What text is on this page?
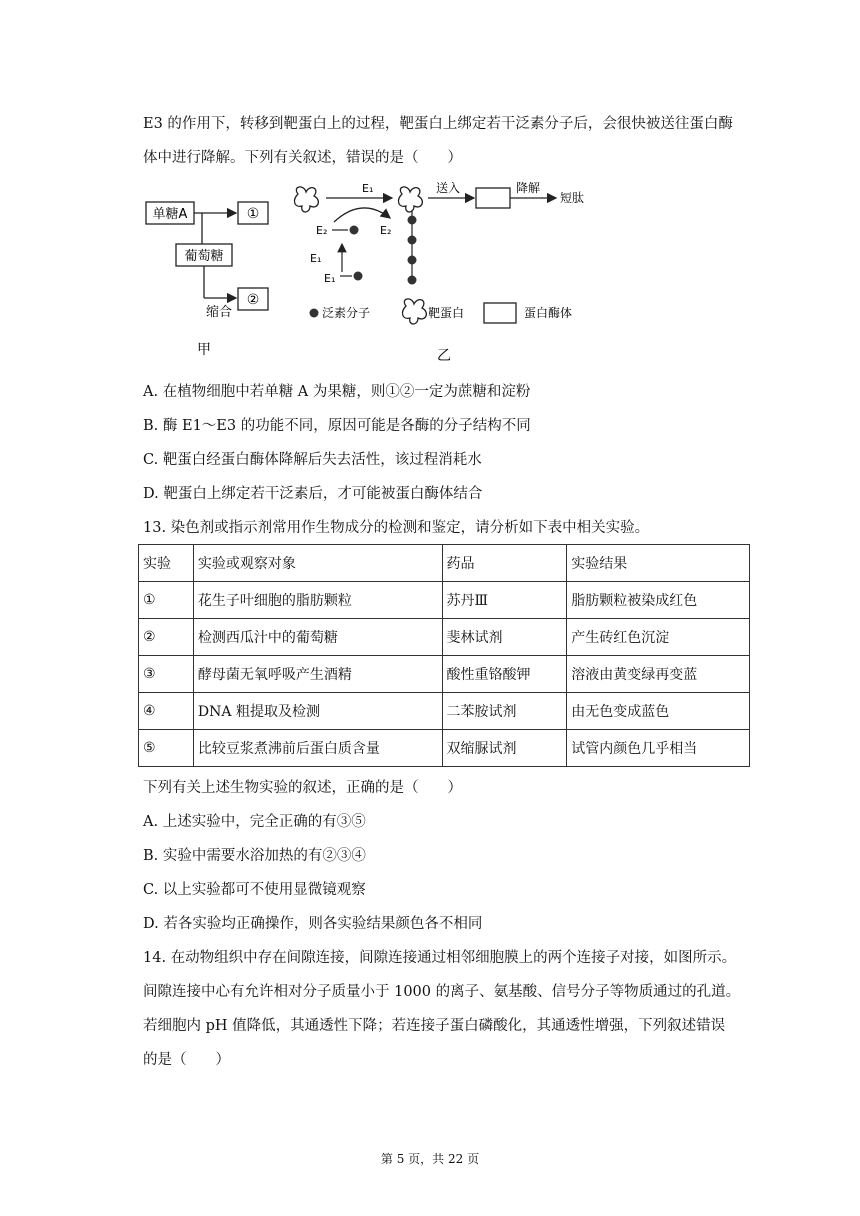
E3 的作用下，转移到靶蛋白上的过程，靶蛋白上绑定若干泛素分子后，会很快被送往蛋白酶
体中进行降解。下列有关叙述，错误的是（　　）
单糖A	①
葡萄糖
②
缩合
甲
E₁
E₂	E₂
E₁
E₁
送入	降解
短肽
泛素分子	靶蛋白	蛋白酶体
乙
A. 在植物细胞中若单糖 A 为果糖，则①②一定为蔗糖和淀粉
B. 酶 E1～E3 的功能不同，原因可能是各酶的分子结构不同
C. 靶蛋白经蛋白酶体降解后失去活性，该过程消耗水
D. 靶蛋白上绑定若干泛素后，才可能被蛋白酶体结合
13. 染色剂或指示剂常用作生物成分的检测和鉴定，请分析如下表中相关实验。
实验	实验或观察对象	药品	实验结果
①	花生子叶细胞的脂肪颗粒	苏丹Ⅲ	脂肪颗粒被染成红色
②	检测西瓜汁中的葡萄糖	斐林试剂	产生砖红色沉淀
③	酵母菌无氧呼吸产生酒精	酸性重铬酸钾	溶液由黄变绿再变蓝
④	DNA 粗提取及检测	二苯胺试剂	由无色变成蓝色
⑤	比较豆浆煮沸前后蛋白质含量	双缩脲试剂	试管内颜色几乎相当
下列有关上述生物实验的叙述，正确的是（　　）
A. 上述实验中，完全正确的有③⑤
B. 实验中需要水浴加热的有②③④
C. 以上实验都可不使用显微镜观察
D. 若各实验均正确操作，则各实验结果颜色各不相同
14. 在动物组织中存在间隙连接，间隙连接通过相邻细胞膜上的两个连接子对接，如图所示。
间隙连接中心有允许相对分子质量小于 1000 的离子、氨基酸、信号分子等物质通过的孔道。
若细胞内 pH 值降低，其通透性下降；若连接子蛋白磷酸化，其通透性增强，下列叙述错误
的是（　　）
第 5 页，共 22 页
